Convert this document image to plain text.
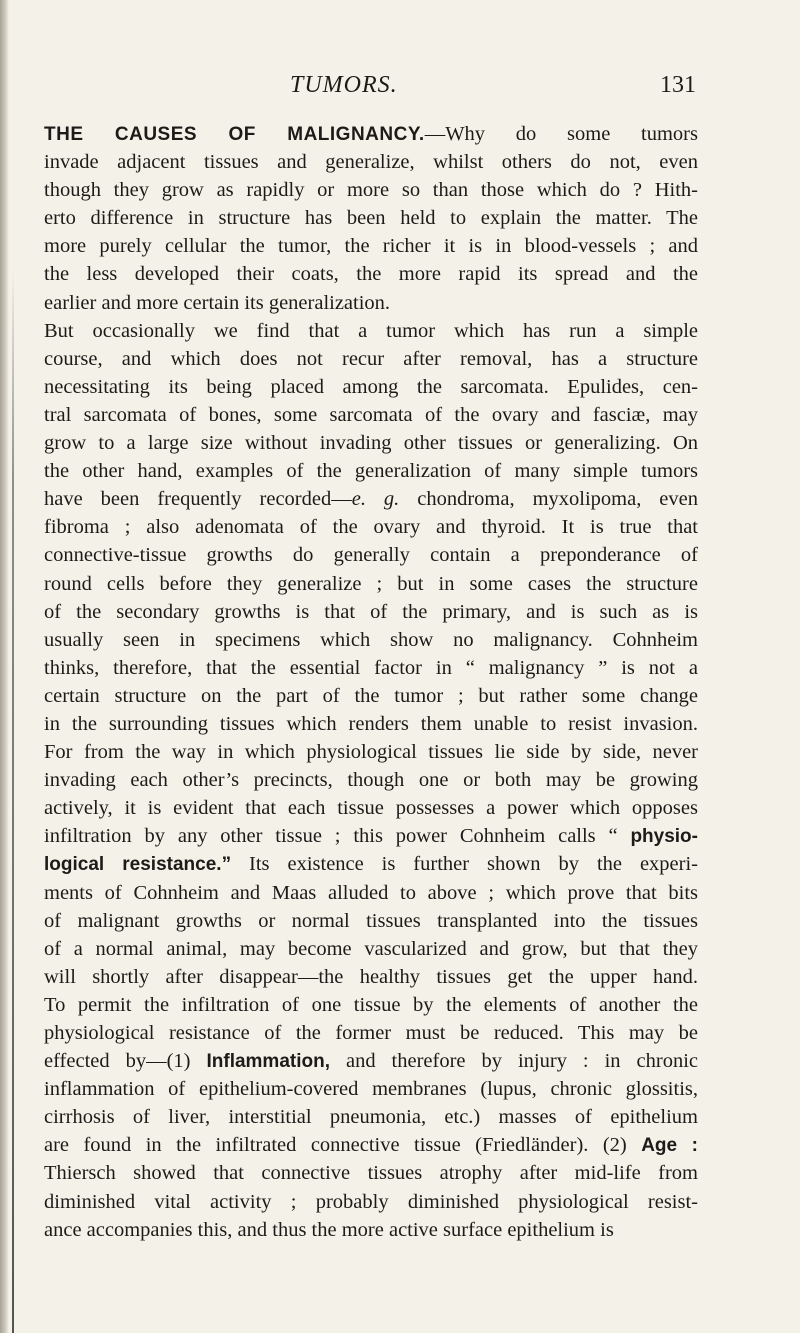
TUMORS.	131
THE CAUSES OF MALIGNANCY.—Why do some tumors
invade adjacent tissues and generalize, whilst others do not, even
though they grow as rapidly or more so than those which do ? Hith-
erto difference in structure has been held to explain the matter. The
more purely cellular the tumor, the richer it is in blood-vessels ; and
the less developed their coats, the more rapid its spread and the
earlier and more certain its generalization.
But occasionally we find that a tumor which has run a simple
course, and which does not recur after removal, has a structure
necessitating its being placed among the sarcomata. Epulides, cen-
tral sarcomata of bones, some sarcomata of the ovary and fasciæ, may
grow to a large size without invading other tissues or generalizing. On
the other hand, examples of the generalization of many simple tumors
have been frequently recorded—e. g. chondroma, myxolipoma, even
fibroma ; also adenomata of the ovary and thyroid. It is true that
connective-tissue growths do generally contain a preponderance of
round cells before they generalize ; but in some cases the structure
of the secondary growths is that of the primary, and is such as is
usually seen in specimens which show no malignancy. Cohnheim
thinks, therefore, that the essential factor in “ malignancy ” is not a
certain structure on the part of the tumor ; but rather some change
in the surrounding tissues which renders them unable to resist invasion.
For from the way in which physiological tissues lie side by side, never
invading each other’s precincts, though one or both may be growing
actively, it is evident that each tissue possesses a power which opposes
infiltration by any other tissue ; this power Cohnheim calls “ physio-
logical resistance.” Its existence is further shown by the experi-
ments of Cohnheim and Maas alluded to above ; which prove that bits
of malignant growths or normal tissues transplanted into the tissues
of a normal animal, may become vascularized and grow, but that they
will shortly after disappear—the healthy tissues get the upper hand.
To permit the infiltration of one tissue by the elements of another the
physiological resistance of the former must be reduced. This may be
effected by—(1) Inflammation, and therefore by injury : in chronic
inflammation of epithelium-covered membranes (lupus, chronic glossitis,
cirrhosis of liver, interstitial pneumonia, etc.) masses of epithelium
are found in the infiltrated connective tissue (Friedländer). (2) Age :
Thiersch showed that connective tissues atrophy after mid-life from
diminished vital activity ; probably diminished physiological resist-
ance accompanies this, and thus the more active surface epithelium is
